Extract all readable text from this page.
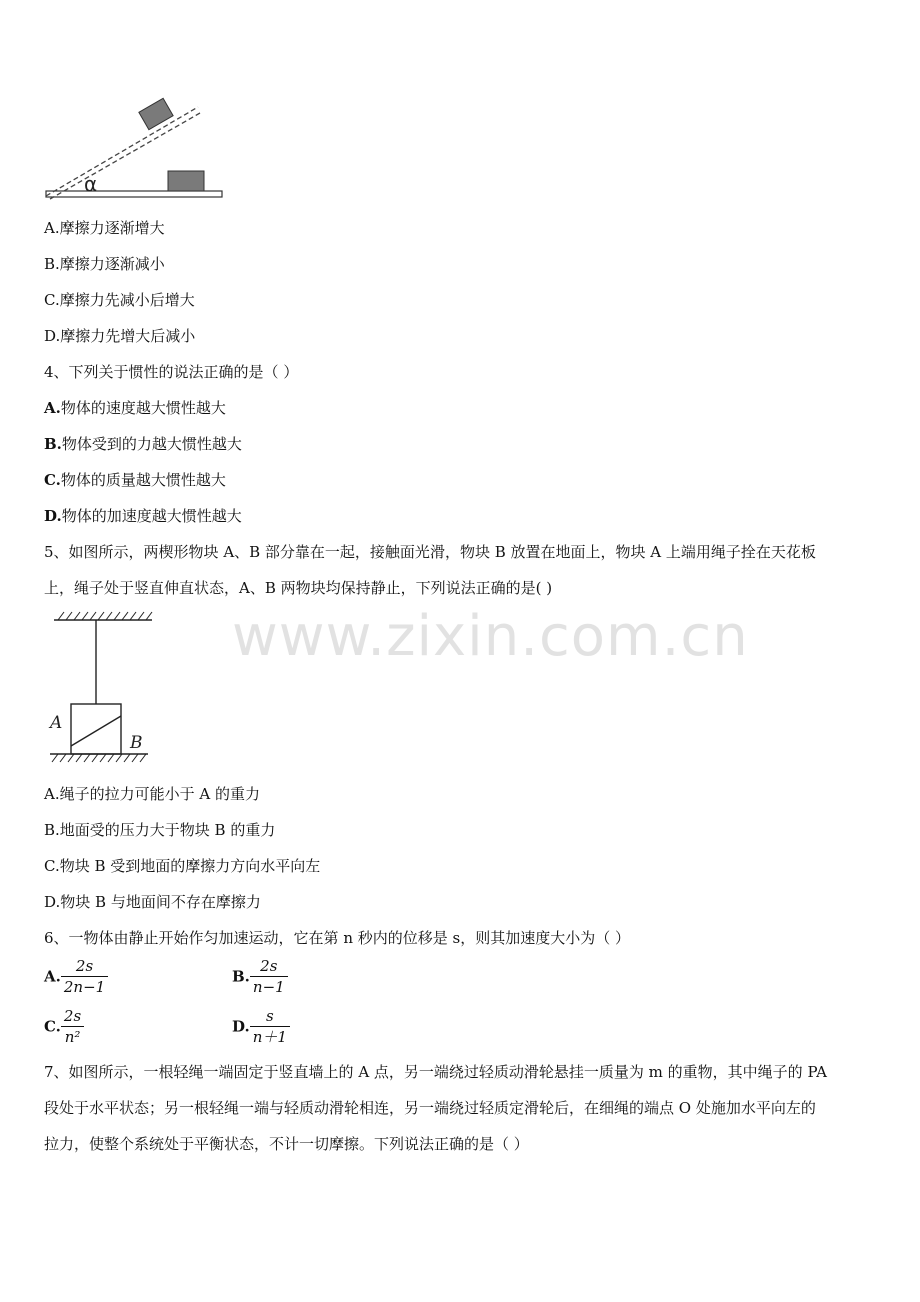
α
A.摩擦力逐渐增大
B.摩擦力逐渐减小
C.摩擦力先减小后增大
D.摩擦力先增大后减小
4、下列关于惯性的说法正确的是（ ）
A.物体的速度越大惯性越大
B.物体受到的力越大惯性越大
C.物体的质量越大惯性越大
D.物体的加速度越大惯性越大
5、如图所示，两楔形物块 A、B 部分靠在一起，接触面光滑，物块 B 放置在地面上，物块 A 上端用绳子拴在天花板
上，绳子处于竖直伸直状态，A、B 两物块均保持静止，下列说法正确的是( )
www.zixin.com.cn
A
B
A.绳子的拉力可能小于 A 的重力
B.地面受的压力大于物块 B 的重力
C.物块 B 受到地面的摩擦力方向水平向左
D.物块 B 与地面间不存在摩擦力
6、一物体由静止开始作匀加速运动，它在第 n 秒内的位移是 s，则其加速度大小为（ ）
A. $\frac{2s}{2n-1}$	B. $\frac{2s}{n-1}$
C. $\frac{2s}{\text{n²}}$	D. $\frac{s}{n+1}$
7、如图所示，一根轻绳一端固定于竖直墙上的 A 点，另一端绕过轻质动滑轮悬挂一质量为 m 的重物，其中绳子的 PA
段处于水平状态；另一根轻绳一端与轻质动滑轮相连，另一端绕过轻质定滑轮后，在细绳的端点 O 处施加水平向左的
拉力，使整个系统处于平衡状态，不计一切摩擦。下列说法正确的是（ ）
